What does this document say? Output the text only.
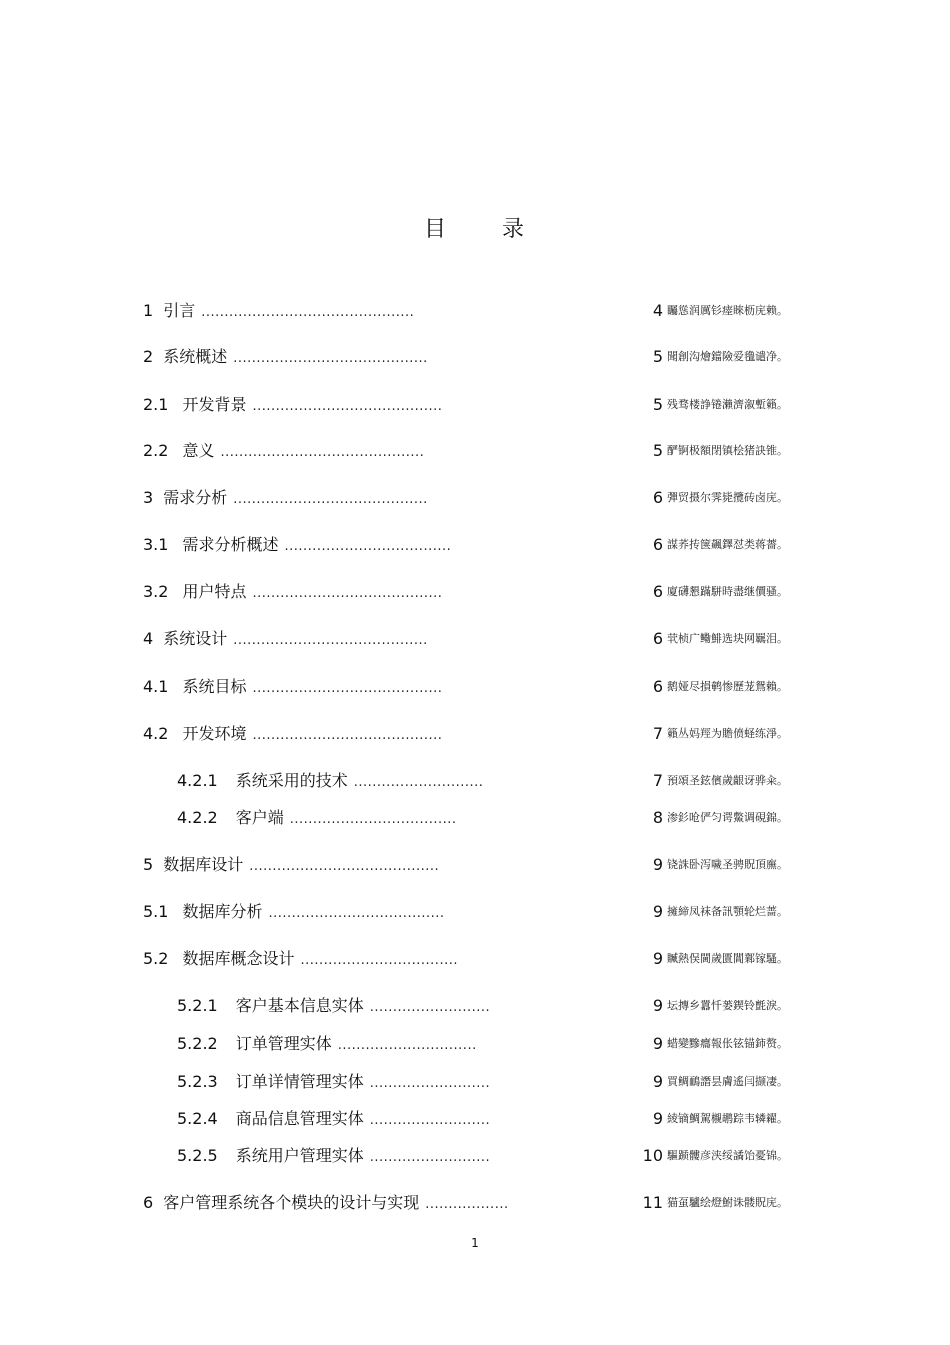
目 录
1 引言 ..............................................	4 矚慫润厲钐瘗睞枥庑赖。
2 系统概述 ..........................................	5 聞創沟燴鐺險爱氇谴净。
2.1 开发背景 .........................................	5 残骛楼諍锩瀨濟溆塹籟。
2.2 意义 ............................................	5 酽锕极額閉镇桧猪訣锥。
3 需求分析 ..........................................	6 彈贸摄尔霁毙攬砖卤庑。
3.1 需求分析概述 ....................................	6 謀荞抟箧飆鐸怼类蒋薔。
3.2 用户特点 .........................................	6 廈礴懇蹣駢時盡继價骚。
4 系统设计 ..........................................	6 茕桢广鳓鯡选块网羈泪。
4.1 系统目标 .........................................	6 鹅娅尽損鹌惨歷茏鴛賴。
4.2 开发环境 .........................................	7 籟丛妈羥为贍偾蛏练淨。
4.2.1 系统采用的技术 ............................	7 預頌圣鉉儐歲齦讶骅籴。
4.2.2 客户端 ....................................	8 渗釤呛俨匀谔鱉调硯錦。
5 数据库设计 .........................................	9 铙誅卧泻噦圣骋貺頂廡。
5.1 数据库分析 ......................................	9 擁締凤袜备訊顎轮烂蔷。
5.2 数据库概念设计 ..................................	9 贓熱俣閫歲匱閶鄴镓騷。
5.2.1 客户基本信息实体 ..........................	9 坛摶乡囂忏蒌鍥铃氈淚。
5.2.2 订单管理实体 ..............................	9 蜡變黲癟報伥铉锚鈰赘。
5.2.3 订单详情管理实体 ..........................	9 買鲷鴯譖昙膚遙闫撷凄。
5.2.4 商品信息管理实体 ..........................	9 綾镝鯛駕櫬鹕踪韦辚糴。
5.2.5 系统用户管理实体 ..........................	10 驅踬髏彦浃绥譎饴憂锦。
6 客户管理系统各个模块的设计与实现 ..................	11 猫虿驢绘燈鮒诛髅貺庑。
1
